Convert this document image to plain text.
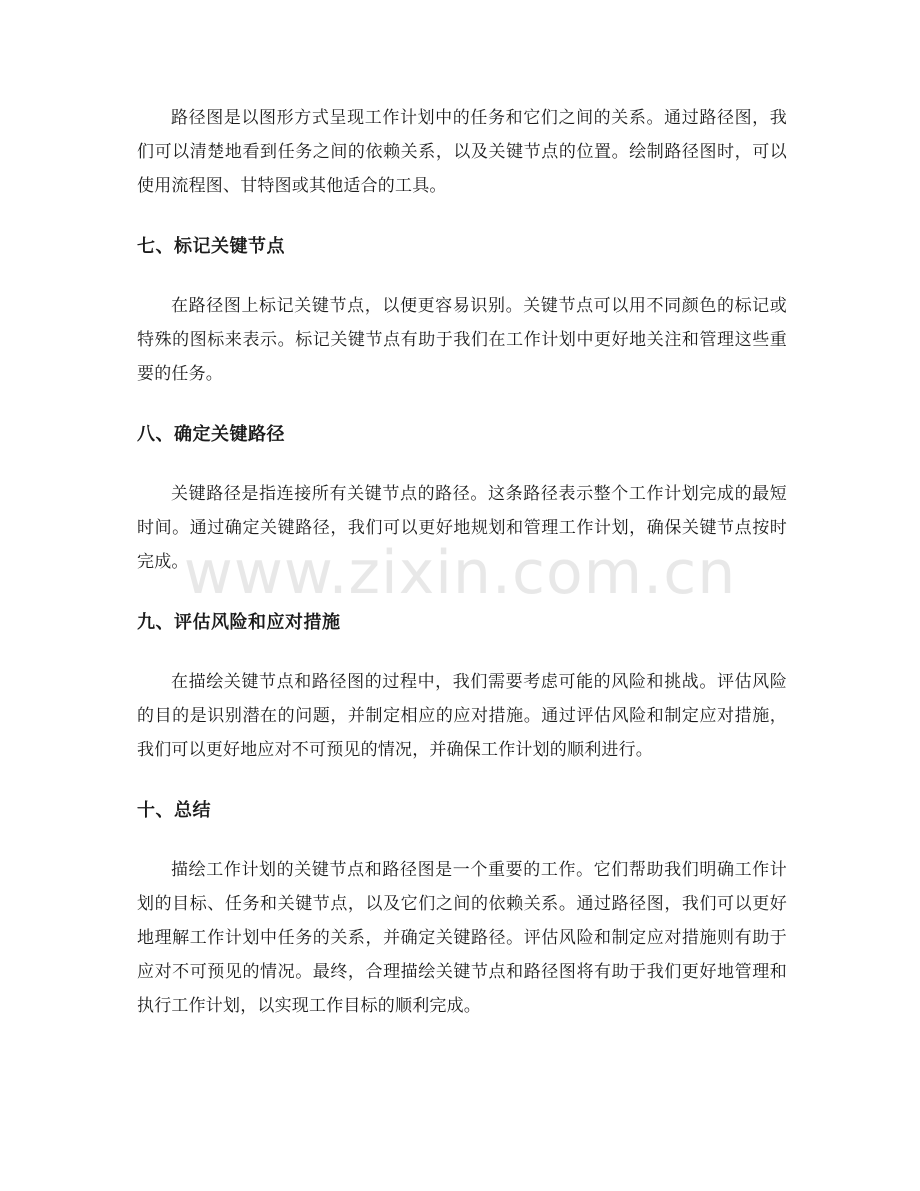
www.zixin.com.cn

路径图是以图形方式呈现工作计划中的任务和它们之间的关系。通过路径图，我们可以清楚地看到任务之间的依赖关系，以及关键节点的位置。绘制路径图时，可以使用流程图、甘特图或其他适合的工具。

七、标记关键节点

在路径图上标记关键节点，以便更容易识别。关键节点可以用不同颜色的标记或特殊的图标来表示。标记关键节点有助于我们在工作计划中更好地关注和管理这些重要的任务。

八、确定关键路径

关键路径是指连接所有关键节点的路径。这条路径表示整个工作计划完成的最短时间。通过确定关键路径，我们可以更好地规划和管理工作计划，确保关键节点按时完成。

九、评估风险和应对措施

在描绘关键节点和路径图的过程中，我们需要考虑可能的风险和挑战。评估风险的目的是识别潜在的问题，并制定相应的应对措施。通过评估风险和制定应对措施，我们可以更好地应对不可预见的情况，并确保工作计划的顺利进行。

十、总结

描绘工作计划的关键节点和路径图是一个重要的工作。它们帮助我们明确工作计划的目标、任务和关键节点，以及它们之间的依赖关系。通过路径图，我们可以更好地理解工作计划中任务的关系，并确定关键路径。评估风险和制定应对措施则有助于应对不可预见的情况。最终，合理描绘关键节点和路径图将有助于我们更好地管理和执行工作计划，以实现工作目标的顺利完成。
